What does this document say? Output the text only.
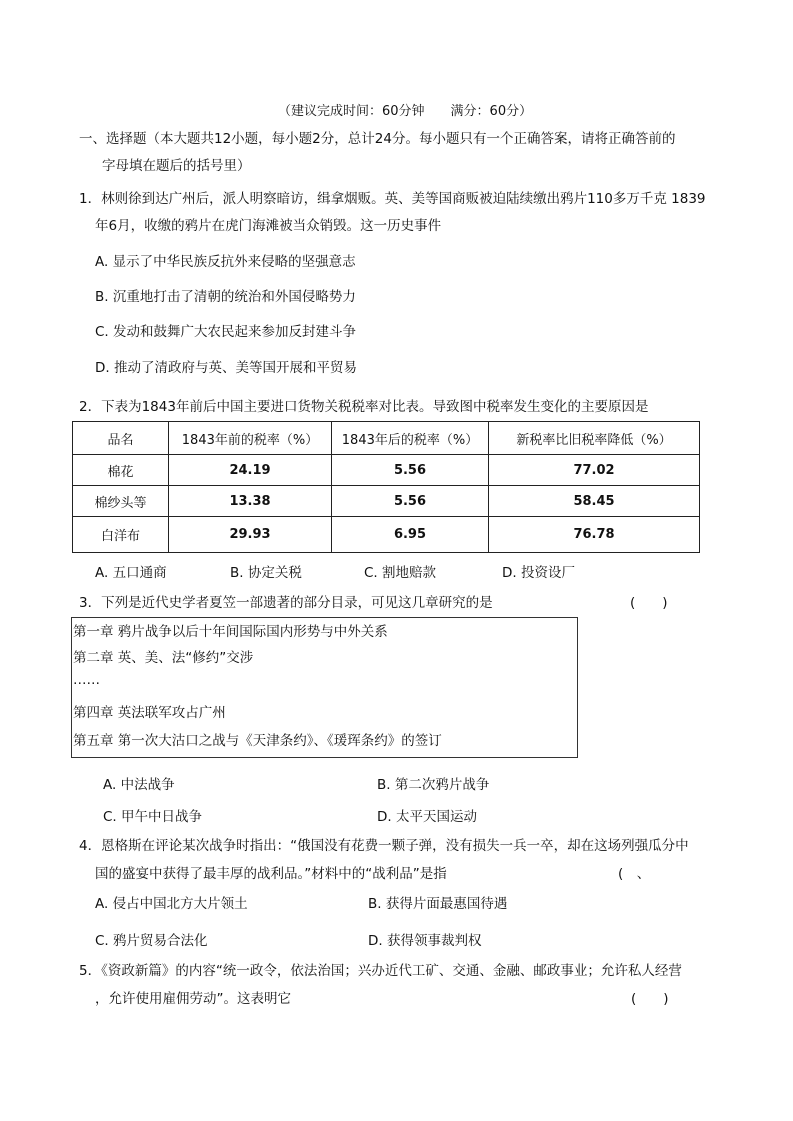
（建议完成时间：60分钟　　满分：60分）
一、选择题（本大题共12小题，每小题2分，总计24分。每小题只有一个正确答案，请将正确答前的
字母填在题后的括号里）
1．林则徐到达广州后，派人明察暗访，缉拿烟贩。英、美等国商贩被迫陆续缴出鸦片110多万千克 1839
年6月，收缴的鸦片在虎门海滩被当众销毁。这一历史事件
A. 显示了中华民族反抗外来侵略的坚强意志
B. 沉重地打击了清朝的统治和外国侵略势力
C. 发动和鼓舞广大农民起来参加反封建斗争
D. 推动了清政府与英、美等国开展和平贸易
2．下表为1843年前后中国主要进口货物关税税率对比表。导致图中税率发生变化的主要原因是
品名	1843年前的税率（%）	1843年后的税率（%）	新税率比旧税率降低（%）
棉花	24.19	5.56	77.02
棉纱头等	13.38	5.56	58.45
白洋布	29.93	6.95	76.78
A. 五口通商	B. 协定关税	C. 割地赔款	D. 投资设厂
3．下列是近代史学者夏笠一部遗著的部分目录，可见这几章研究的是	(　　)
第一章 鸦片战争以后十年间国际国内形势与中外关系
第二章 英、美、法“修约”交涉
……
第四章 英法联军攻占广州
第五章 第一次大沽口之战与《天津条约》、《瑗珲条约》的签订
A. 中法战争	B. 第二次鸦片战争
C. 甲午中日战争	D. 太平天国运动
4．恩格斯在评论某次战争时指出：“俄国没有花费一颗子弹，没有损失一兵一卒，却在这场列强瓜分中
国的盛宴中获得了最丰厚的战利品。”材料中的“战利品”是指	(　、
A. 侵占中国北方大片领土	B. 获得片面最惠国待遇
C. 鸦片贸易合法化	D. 获得领事裁判权
5．《资政新篇》的内容“统一政令，依法治国；兴办近代工矿、交通、金融、邮政事业；允许私人经营
，允许使用雇佣劳动”。这表明它	(　　)
